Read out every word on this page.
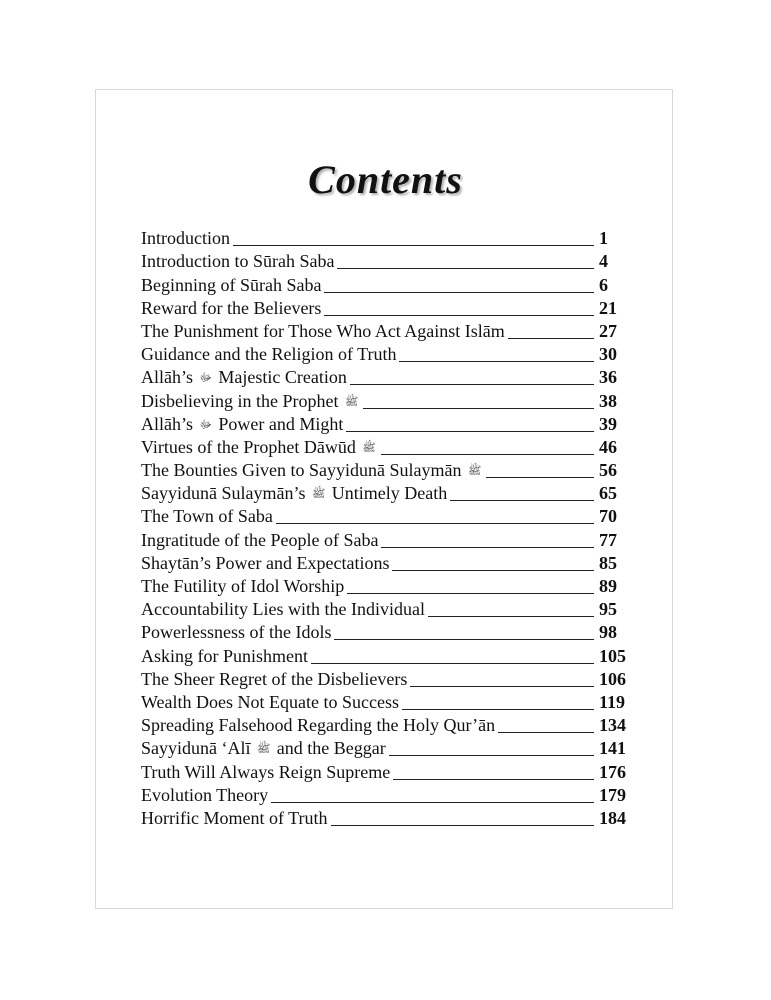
Contents
Introduction	1
Introduction to Sūrah Saba	4
Beginning of Sūrah Saba	6
Reward for the Believers	21
The Punishment for Those Who Act Against Islām	27
Guidance and the Religion of Truth	30
Allāh’s ﷻ Majestic Creation	36
Disbelieving in the Prophet ﷺ	38
Allāh’s ﷻ Power and Might	39
Virtues of the Prophet Dāwūd ﷺ	46
The Bounties Given to Sayyidunā Sulaymān ﷺ	56
Sayyidunā Sulaymān’s ﷺ Untimely Death	65
The Town of Saba	70
Ingratitude of the People of Saba	77
Shaytān’s Power and Expectations	85
The Futility of Idol Worship	89
Accountability Lies with the Individual	95
Powerlessness of the Idols	98
Asking for Punishment	105
The Sheer Regret of the Disbelievers	106
Wealth Does Not Equate to Success	119
Spreading Falsehood Regarding the Holy Qur’ān	134
Sayyidunā ‘Alī ﷺ and the Beggar	141
Truth Will Always Reign Supreme	176
Evolution Theory	179
Horrific Moment of Truth	184
